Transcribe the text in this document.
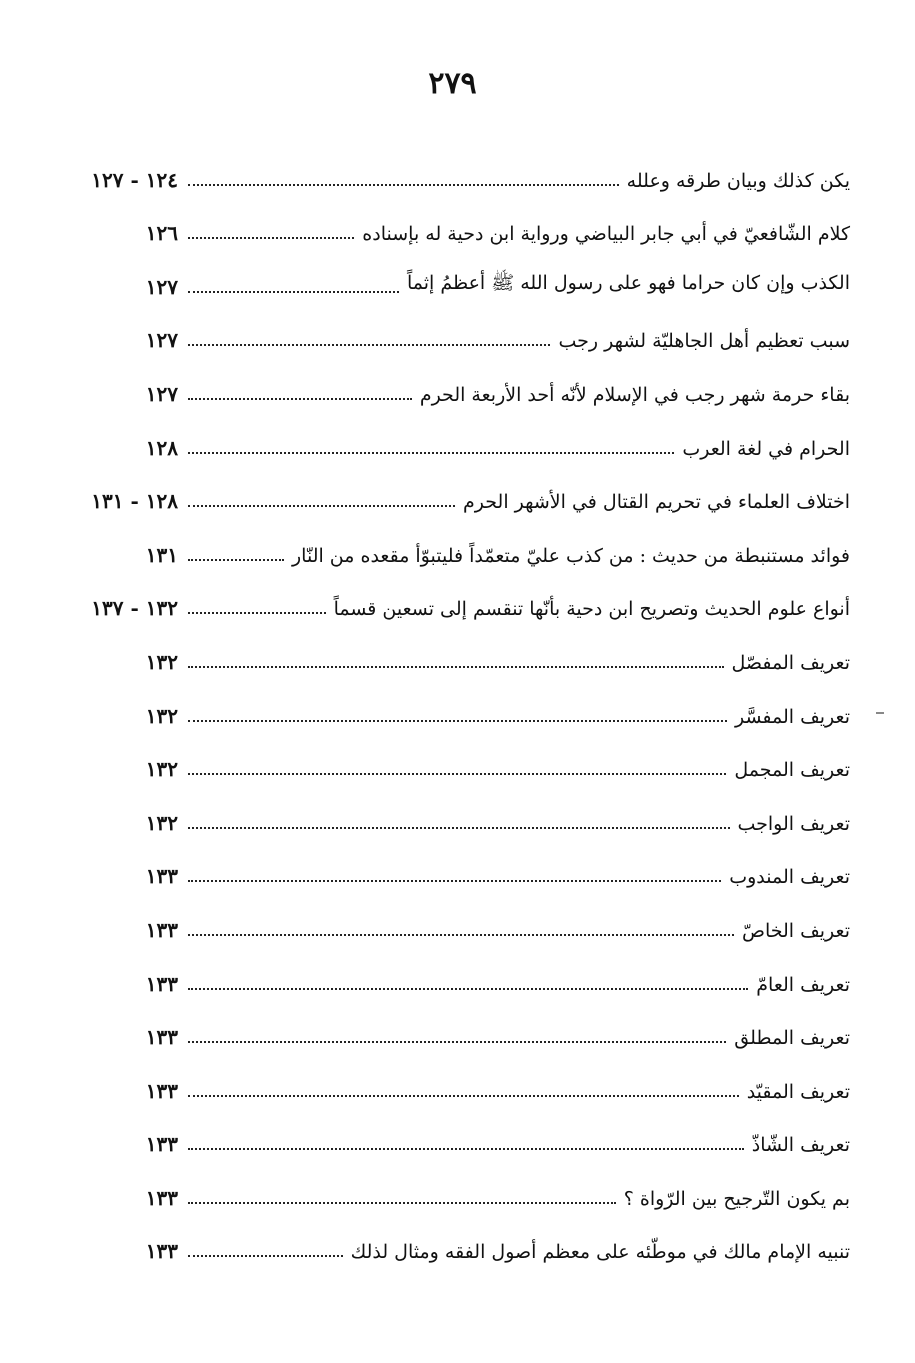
٢٧٩
يكن كذلك وبيان طرقه وعلله
١٢٤ - ١٢٧
كلام الشّافعيّ في أبي جابر البياضي ورواية ابن دحية له بإسناده
١٢٦
الكذب وإن كان حراما فهو على رسول الله ﷺ أعظمُ إثماً
١٢٧
سبب تعظيم أهل الجاهليّة لشهر رجب
١٢٧
بقاء حرمة شهر رجب في الإسلام لأنّه أحد الأربعة الحرم
١٢٧
الحرام في لغة العرب
١٢٨
اختلاف العلماء في تحريم القتال في الأشهر الحرم
١٢٨ - ١٣١
فوائد مستنبطة من حديث : من كذب عليّ متعمّداً فليتبوّأ مقعده من النّار
١٣١
أنواع علوم الحديث وتصريح ابن دحية بأنّها تنقسم إلى تسعين قسماً
١٣٢ - ١٣٧
تعريف المفصّل
١٣٢
تعريف المفسَّر
١٣٢
تعريف المجمل
١٣٢
تعريف الواجب
١٣٢
تعريف المندوب
١٣٣
تعريف الخاصّ
١٣٣
تعريف العامّ
١٣٣
تعريف المطلق
١٣٣
تعريف المقيّد
١٣٣
تعريف الشّاذّ
١٣٣
بم يكون التّرجيح بين الرّواة ؟
١٣٣
تنبيه الإمام مالك في موطّئه على معظم أصول الفقه ومثال لذلك
١٣٣
